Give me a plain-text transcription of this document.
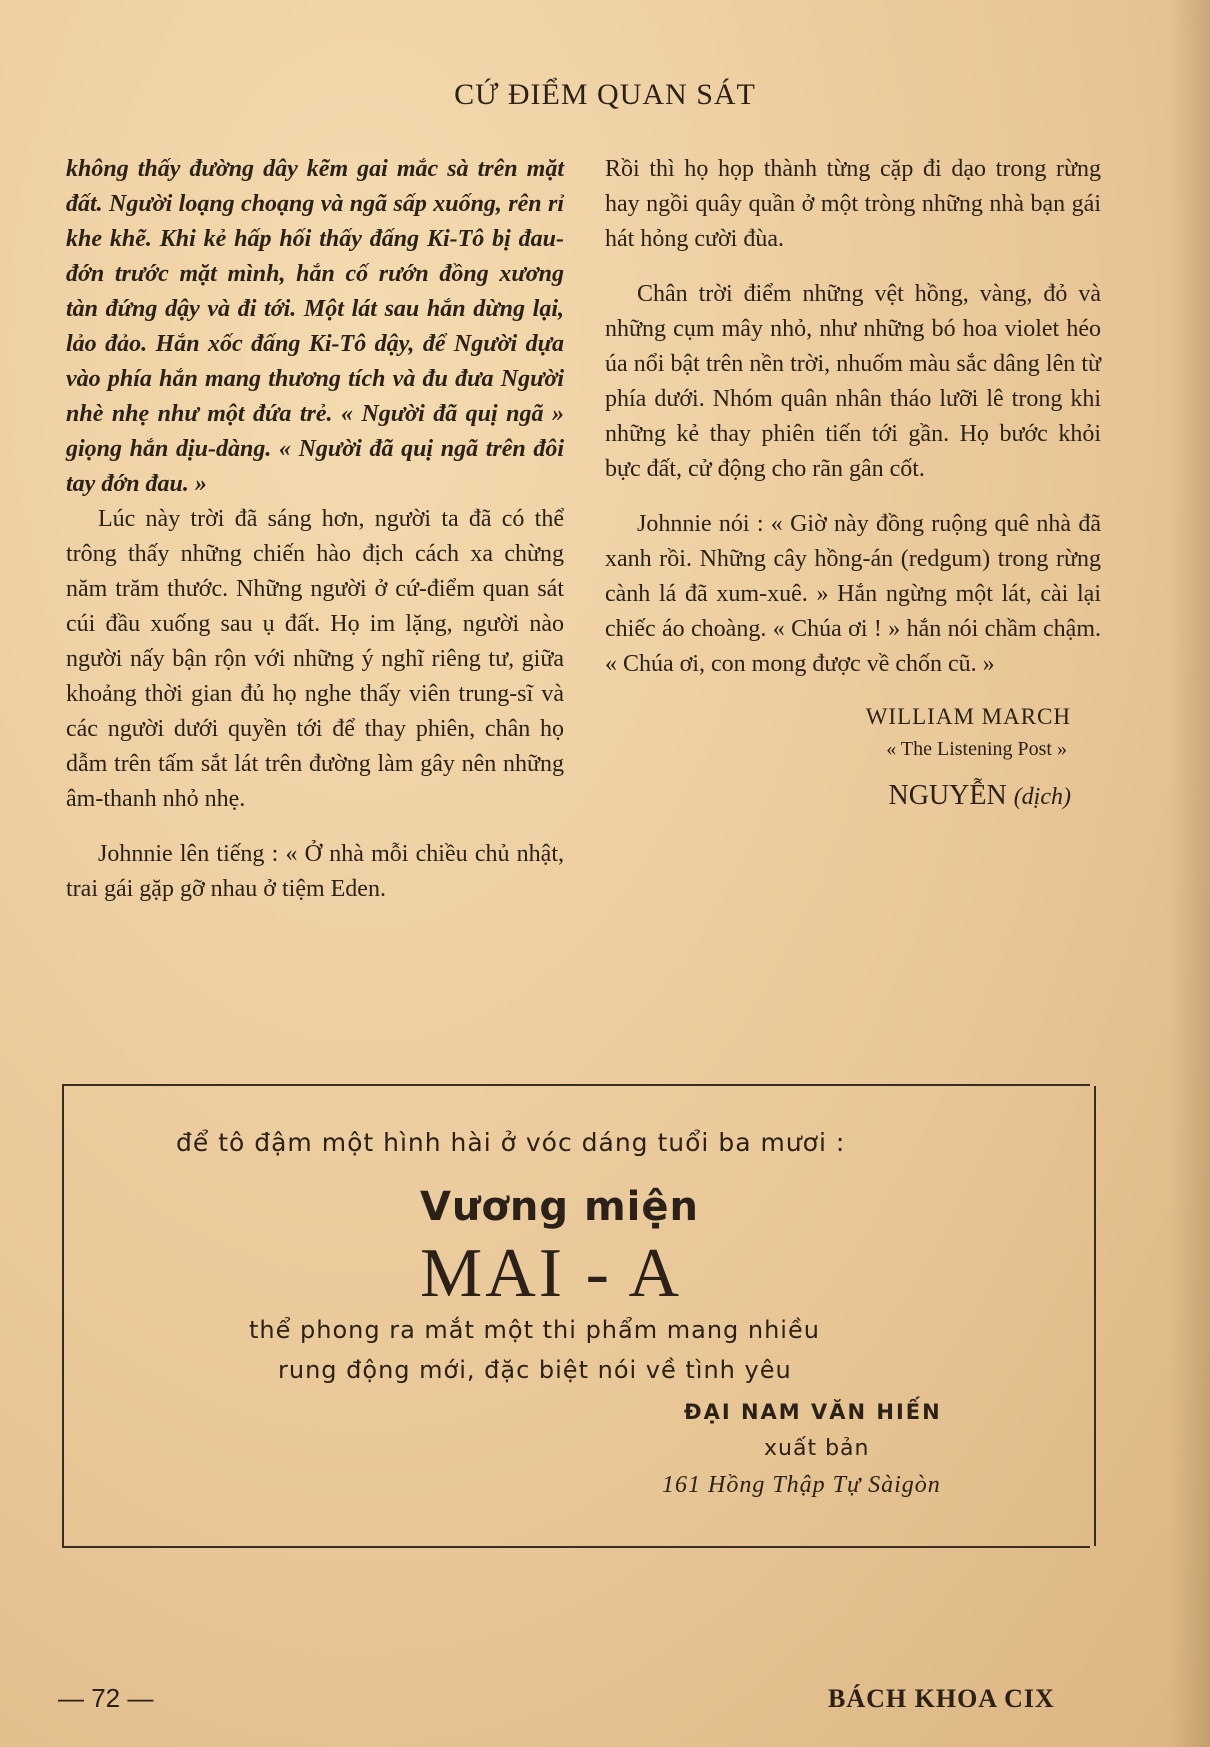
CỨ ĐIỂM QUAN SÁT

không thấy đường dây kẽm gai mắc sà trên mặt đất. Người loạng choạng và ngã sấp xuống, rên rỉ khe khẽ. Khi kẻ hấp hối thấy đấng Ki-Tô bị đau-đớn trước mặt mình, hắn cố rướn đồng xương tàn đứng dậy và đi tới. Một lát sau hắn dừng lại, lảo đảo. Hắn xốc đấng Ki-Tô dậy, để Người dựa vào phía hắn mang thương tích và đu đưa Người nhè nhẹ như một đứa trẻ. « Người đã quị ngã » giọng hắn dịu-dàng. « Người đã quị ngã trên đôi tay đớn đau. »

Lúc này trời đã sáng hơn, người ta đã có thể trông thấy những chiến hào địch cách xa chừng năm trăm thước. Những người ở cứ-điểm quan sát cúi đầu xuống sau ụ đất. Họ im lặng, người nào người nấy bận rộn với những ý nghĩ riêng tư, giữa khoảng thời gian đủ họ nghe thấy viên trung-sĩ và các người dưới quyền tới để thay phiên, chân họ dẫm trên tấm sắt lát trên đường làm gây nên những âm-thanh nhỏ nhẹ.

Johnnie lên tiếng : « Ở nhà mỗi chiều chủ nhật, trai gái gặp gỡ nhau ở tiệm Eden.

Rồi thì họ họp thành từng cặp đi dạo trong rừng hay ngồi quây quần ở một tròng những nhà bạn gái hát hỏng cười đùa.

Chân trời điểm những vệt hồng, vàng, đỏ và những cụm mây nhỏ, như những bó hoa violet héo úa nổi bật trên nền trời, nhuốm màu sắc dâng lên từ phía dưới. Nhóm quân nhân tháo lưỡi lê trong khi những kẻ thay phiên tiến tới gần. Họ bước khỏi bực đất, cử động cho rãn gân cốt.

Johnnie nói : « Giờ này đồng ruộng quê nhà đã xanh rồi. Những cây hồng-án (redgum) trong rừng cành lá đã xum-xuê. » Hắn ngừng một lát, cài lại chiếc áo choàng. « Chúa ơi ! » hắn nói chầm chậm. « Chúa ơi, con mong được về chốn cũ. »

WILLIAM MARCH
« The Listening Post »
NGUYỄN (dịch)
để tô đậm một hình hài ở vóc dáng tuổi ba mươi :
Vương miện
MAI - A
thể phong ra mắt một thi phẩm mang nhiều
rung động mới, đặc biệt nói về tình yêu
ĐẠI NAM VĂN HIẾN
xuất bản
161 Hồng Thập Tự Sàigòn
— 72 —	BÁCH KHOA CIX
